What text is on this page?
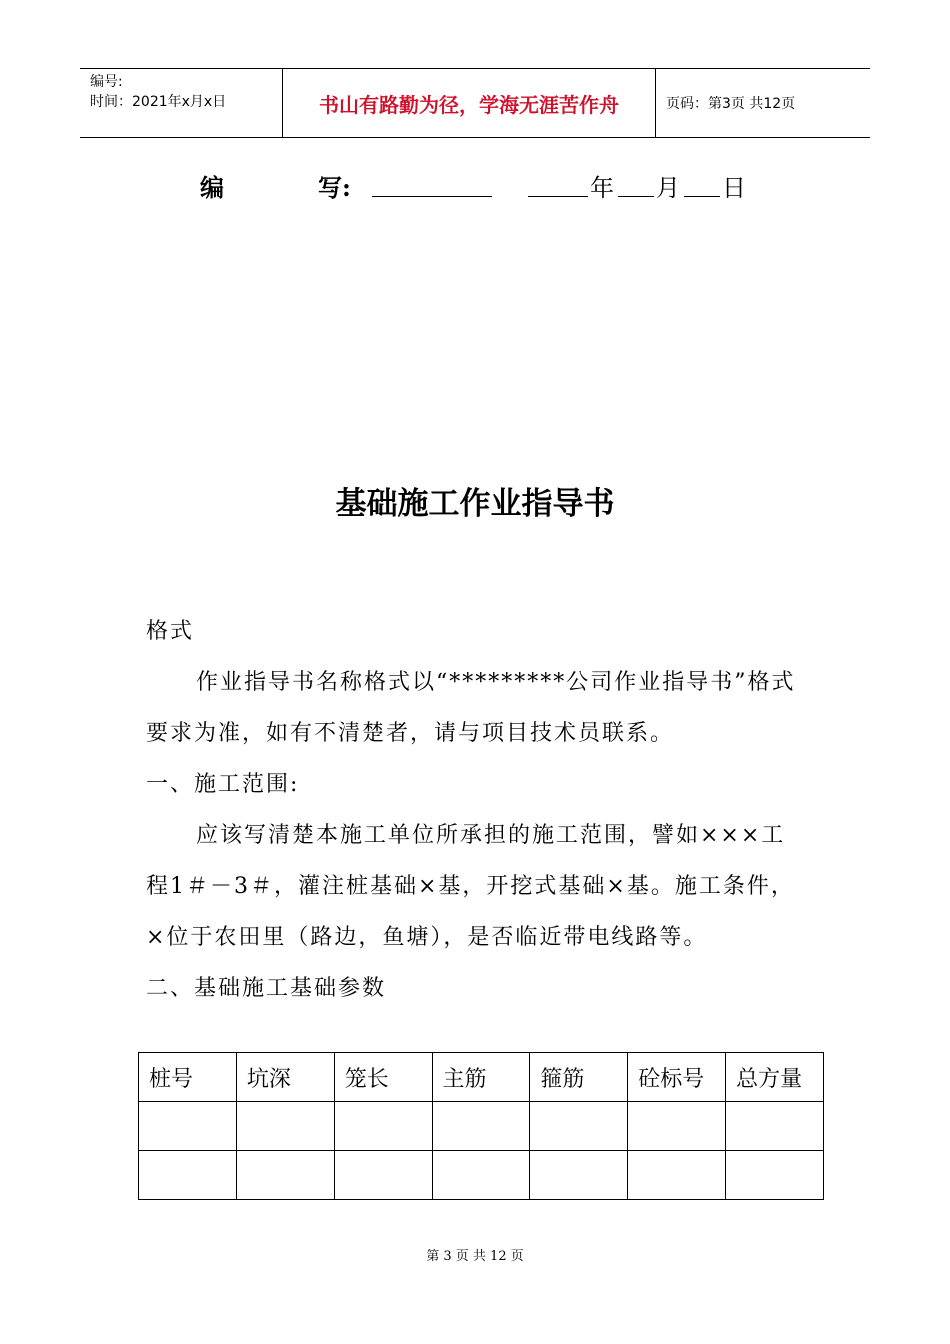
编号:
时间：2021年x月x日	书山有路勤为径，学海无涯苦作舟	页码：第3页 共12页
编	写:	年 月 日
基础施工作业指导书

格式

作业指导书名称格式以“*********公司作业指导书”格式要求为准，如有不清楚者，请与项目技术员联系。

一、施工范围:

应该写清楚本施工单位所承担的施工范围，譬如×××工程1＃－3＃，灌注桩基础×基，开挖式基础×基。施工条件，×位于农田里（路边，鱼塘），是否临近带电线路等。

二、基础施工基础参数

桩号	坑深	笼长	主筋	箍筋	砼标号	总方量

第 3 页 共 12 页
